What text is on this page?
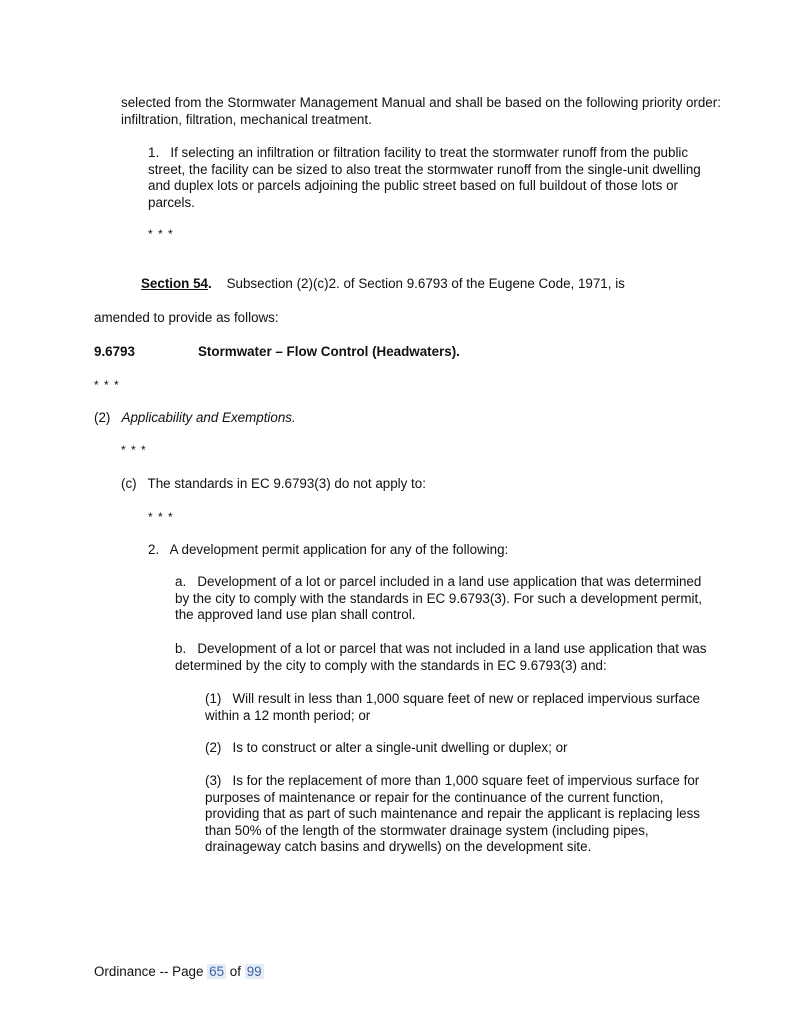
selected from the Stormwater Management Manual and shall be based on the following priority order: infiltration, filtration, mechanical treatment.

1. If selecting an infiltration or filtration facility to treat the stormwater runoff from the public street, the facility can be sized to also treat the stormwater runoff from the single-unit dwelling and duplex lots or parcels adjoining the public street based on full buildout of those lots or parcels.

* * *

Section 54. Subsection (2)(c)2. of Section 9.6793 of the Eugene Code, 1971, is

amended to provide as follows:

9.6793	Stormwater – Flow Control (Headwaters).

* * *

(2) Applicability and Exemptions.

* * *

(c) The standards in EC 9.6793(3) do not apply to:

* * *

2. A development permit application for any of the following:

a. Development of a lot or parcel included in a land use application that was determined by the city to comply with the standards in EC 9.6793(3). For such a development permit, the approved land use plan shall control.

b. Development of a lot or parcel that was not included in a land use application that was determined by the city to comply with the standards in EC 9.6793(3) and:

(1) Will result in less than 1,000 square feet of new or replaced impervious surface within a 12 month period; or

(2) Is to construct or alter a single-unit dwelling or duplex; or

(3) Is for the replacement of more than 1,000 square feet of impervious surface for purposes of maintenance or repair for the continuance of the current function, providing that as part of such maintenance and repair the applicant is replacing less than 50% of the length of the stormwater drainage system (including pipes, drainageway catch basins and drywells) on the development site.

Ordinance -- Page 65 of 99
